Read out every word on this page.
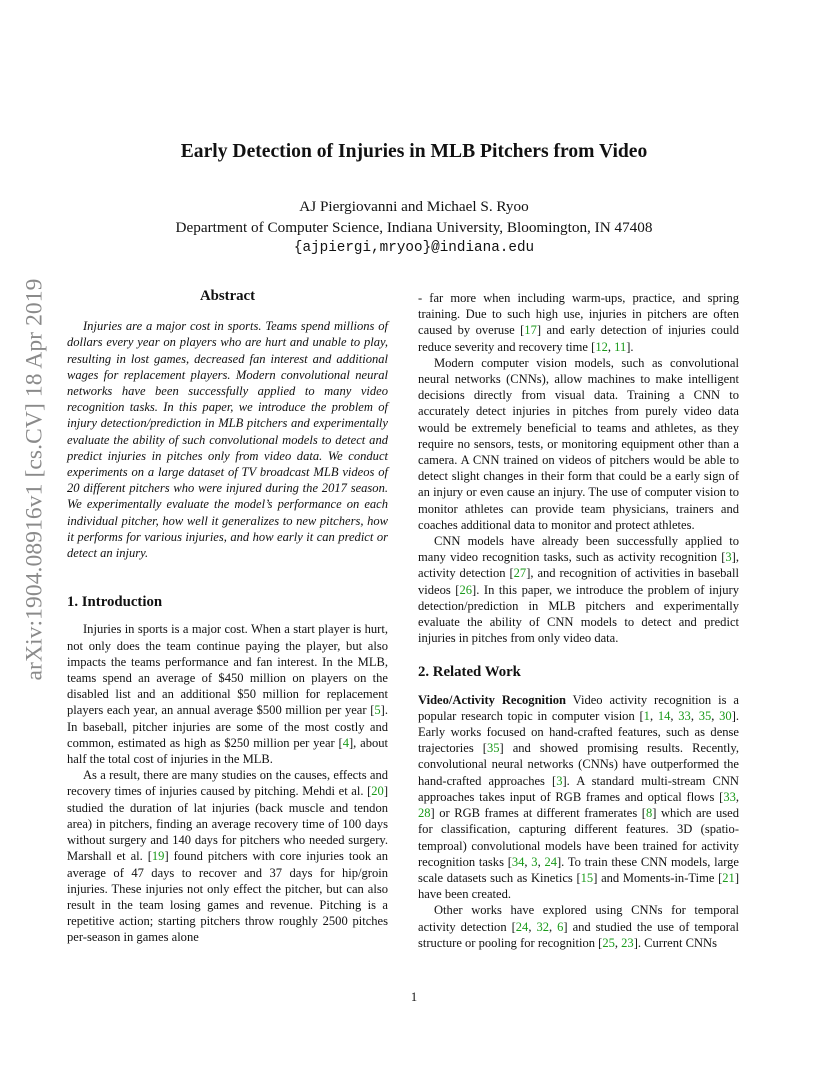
arXiv:1904.08916v1 [cs.CV] 18 Apr 2019
Early Detection of Injuries in MLB Pitchers from Video
AJ Piergiovanni and Michael S. Ryoo
Department of Computer Science, Indiana University, Bloomington, IN 47408
{ajpiergi,mryoo}@indiana.edu
Abstract

Injuries are a major cost in sports. Teams spend millions of dollars every year on players who are hurt and unable to play, resulting in lost games, decreased fan interest and additional wages for replacement players. Modern convolutional neural networks have been successfully applied to many video recognition tasks. In this paper, we introduce the problem of injury detection/prediction in MLB pitchers and experimentally evaluate the ability of such convolutional models to detect and predict injuries in pitches only from video data. We conduct experiments on a large dataset of TV broadcast MLB videos of 20 different pitchers who were injured during the 2017 season. We experimentally evaluate the model’s performance on each individual pitcher, how well it generalizes to new pitchers, how it performs for various injuries, and how early it can predict or detect an injury.

1. Introduction

Injuries in sports is a major cost. When a start player is hurt, not only does the team continue paying the player, but also impacts the teams performance and fan interest. In the MLB, teams spend an average of $450 million on players on the disabled list and an additional $50 million for replacement players each year, an annual average $500 million per year [5]. In baseball, pitcher injuries are some of the most costly and common, estimated as high as $250 million per year [4], about half the total cost of injuries in the MLB.

As a result, there are many studies on the causes, effects and recovery times of injuries caused by pitching. Mehdi et al. [20] studied the duration of lat injuries (back muscle and tendon area) in pitchers, finding an average recovery time of 100 days without surgery and 140 days for pitchers who needed surgery. Marshall et al. [19] found pitchers with core injuries took an average of 47 days to recover and 37 days for hip/groin injuries. These injuries not only effect the pitcher, but can also result in the team losing games and revenue. Pitching is a repetitive action; starting pitchers throw roughly 2500 pitches per-season in games alone

- far more when including warm-ups, practice, and spring training. Due to such high use, injuries in pitchers are often caused by overuse [17] and early detection of injuries could reduce severity and recovery time [12, 11].

Modern computer vision models, such as convolutional neural networks (CNNs), allow machines to make intelligent decisions directly from visual data. Training a CNN to accurately detect injuries in pitches from purely video data would be extremely beneficial to teams and athletes, as they require no sensors, tests, or monitoring equipment other than a camera. A CNN trained on videos of pitchers would be able to detect slight changes in their form that could be a early sign of an injury or even cause an injury. The use of computer vision to monitor athletes can provide team physicians, trainers and coaches additional data to monitor and protect athletes.

CNN models have already been successfully applied to many video recognition tasks, such as activity recognition [3], activity detection [27], and recognition of activities in baseball videos [26]. In this paper, we introduce the problem of injury detection/prediction in MLB pitchers and experimentally evaluate the ability of CNN models to detect and predict injuries in pitches from only video data.

2. Related Work

Video/Activity Recognition Video activity recognition is a popular research topic in computer vision [1, 14, 33, 35, 30]. Early works focused on hand-crafted features, such as dense trajectories [35] and showed promising results. Recently, convolutional neural networks (CNNs) have outperformed the hand-crafted approaches [3]. A standard multi-stream CNN approaches takes input of RGB frames and optical flows [33, 28] or RGB frames at different framerates [8] which are used for classification, capturing different features. 3D (spatio-temproal) convolutional models have been trained for activity recognition tasks [34, 3, 24]. To train these CNN models, large scale datasets such as Kinetics [15] and Moments-in-Time [21] have been created.

Other works have explored using CNNs for temporal activity detection [24, 32, 6] and studied the use of temporal structure or pooling for recognition [25, 23]. Current CNNs

1
